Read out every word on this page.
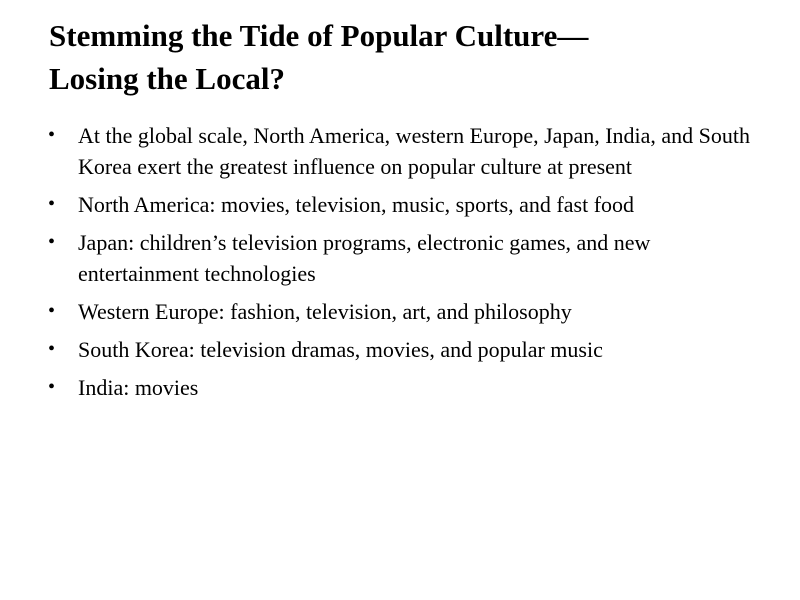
Stemming the Tide of Popular Culture—
Losing the Local?
• At the global scale, North America, western Europe, Japan, India, and South Korea exert the greatest influence on popular culture at present
• North America: movies, television, music, sports, and fast food
• Japan: children’s television programs, electronic games, and new entertainment technologies
• Western Europe: fashion, television, art, and philosophy
• South Korea: television dramas, movies, and popular music
• India: movies
